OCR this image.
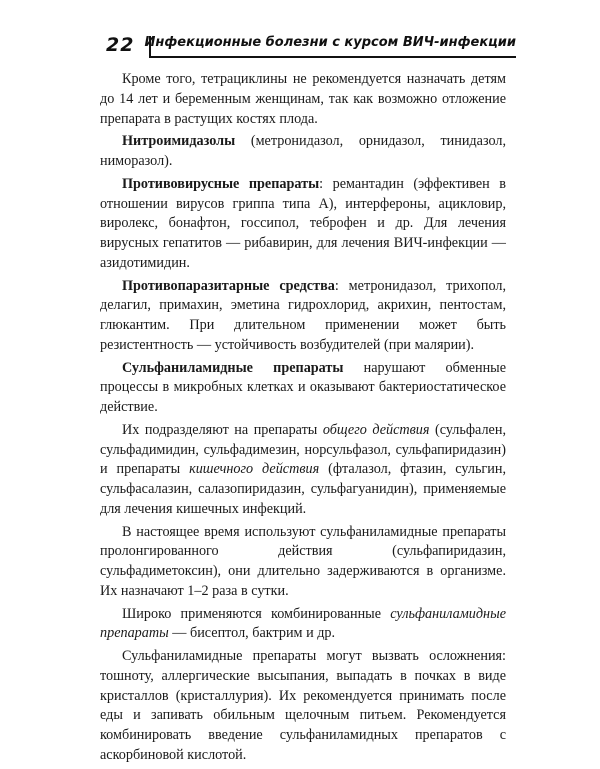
22 Инфекционные болезни с курсом ВИЧ-инфекции

Кроме того, тетрациклины не рекомендуется назначать детям до 14 лет и беременным женщинам, так как возможно отложение препарата в растущих костях плода.

Нитроимидазолы (метронидазол, орнидазол, тинидазол, ниморазол).

Противовирусные препараты: ремантадин (эффективен в отношении вирусов гриппа типа А), интерфероны, ацикловир, виролекс, бонафтон, госсипол, теброфен и др. Для лечения вирусных гепатитов — рибавирин, для лечения ВИЧ-инфекции — азидотимидин.

Противопаразитарные средства: метронидазол, трихопол, делагил, примахин, эметина гидрохлорид, акрихин, пентостам, глюкантим. При длительном применении может быть резистентность — устойчивость возбудителей (при малярии).

Сульфаниламидные препараты нарушают обменные процессы в микробных клетках и оказывают бактериостатическое действие.

Их подразделяют на препараты общего действия (сульфален, сульфадимидин, сульфадимезин, норсульфазол, сульфапиридазин) и препараты кишечного действия (фталазол, фтазин, сульгин, сульфасалазин, салазопиридазин, сульфагуанидин), применяемые для лечения кишечных инфекций.

В настоящее время используют сульфаниламидные препараты пролонгированного действия (сульфапиридазин, сульфадиметоксин), они длительно задерживаются в организме. Их назначают 1–2 раза в сутки.

Широко применяются комбинированные сульфаниламидные препараты — бисептол, бактрим и др.

Сульфаниламидные препараты могут вызвать осложнения: тошноту, аллергические высыпания, выпадать в почках в виде кристаллов (кристаллурия). Их рекомендуется принимать после еды и запивать обильным щелочным питьем. Рекомендуется комбинировать введение сульфаниламидных препаратов с аскорбиновой кислотой.
